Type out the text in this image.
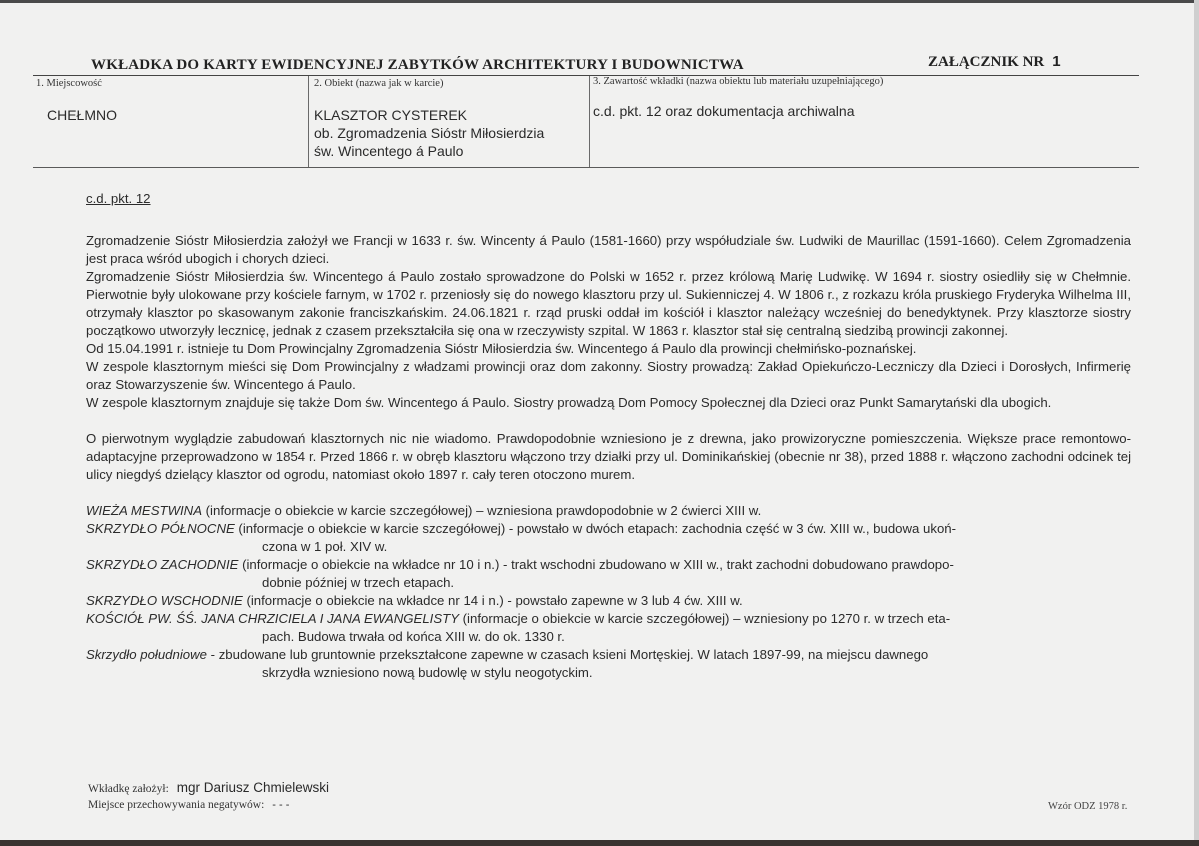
WKŁADKA DO KARTY EWIDENCYJNEJ ZABYTKÓW ARCHITEKTURY I BUDOWNICTWA	ZAŁĄCZNIK NR 1
1. Miejscowość
CHEŁMNO
2. Obiekt (nazwa jak w karcie)
KLASZTOR CYSTEREK
ob. Zgromadzenia Sióstr Miłosierdzia
św. Wincentego á Paulo
3. Zawartość wkładki (nazwa obiektu lub materiału uzupełniającego)
c.d. pkt. 12 oraz dokumentacja archiwalna

c.d. pkt. 12

Zgromadzenie Sióstr Miłosierdzia założył we Francji w 1633 r. św. Wincenty á Paulo (1581-1660) przy współudziale św. Ludwiki de Maurillac (1591-1660). Celem Zgromadzenia jest praca wśród ubogich i chorych dzieci.

Zgromadzenie Sióstr Miłosierdzia św. Wincentego á Paulo zostało sprowadzone do Polski w 1652 r. przez królową Marię Ludwikę. W 1694 r. siostry osiedliły się w Chełmnie. Pierwotnie były ulokowane przy kościele farnym, w 1702 r. przeniosły się do nowego klasztoru przy ul. Sukienniczej 4. W 1806 r., z rozkazu króla pruskiego Fryderyka Wilhelma III, otrzymały klasztor po skasowanym zakonie franciszkańskim. 24.06.1821 r. rząd pruski oddał im kościół i klasztor należący wcześniej do benedyktynek. Przy klasztorze siostry początkowo utworzyły lecznicę, jednak z czasem przekształciła się ona w rzeczywisty szpital. W 1863 r. klasztor stał się centralną siedzibą prowincji zakonnej.

Od 15.04.1991 r. istnieje tu Dom Prowincjalny Zgromadzenia Sióstr Miłosierdzia św. Wincentego á Paulo dla prowincji chełmińsko-poznańskej.

W zespole klasztornym mieści się Dom Prowincjalny z władzami prowincji oraz dom zakonny. Siostry prowadzą: Zakład Opiekuńczo-Leczniczy dla Dzieci i Dorosłych, Infirmerię oraz Stowarzyszenie św. Wincentego á Paulo.

W zespole klasztornym znajduje się także Dom św. Wincentego á Paulo. Siostry prowadzą Dom Pomocy Społecznej dla Dzieci oraz Punkt Samarytański dla ubogich.

O pierwotnym wyglądzie zabudowań klasztornych nic nie wiadomo. Prawdopodobnie wzniesiono je z drewna, jako prowizoryczne pomieszczenia. Większe prace remontowo-adaptacyjne przeprowadzono w 1854 r. Przed 1866 r. w obręb klasztoru włączono trzy działki przy ul. Dominikańskiej (obecnie nr 38), przed 1888 r. włączono zachodni odcinek tej ulicy niegdyś dzielący klasztor od ogrodu, natomiast około 1897 r. cały teren otoczono murem.

WIEŻA MESTWINA (informacje o obiekcie w karcie szczegółowej) – wzniesiona prawdopodobnie w 2 ćwierci XIII w.
SKRZYDŁO PÓŁNOCNE (informacje o obiekcie w karcie szczegółowej) - powstało w dwóch etapach: zachodnia część w 3 ćw. XIII w., budowa ukoń-
czona w 1 poł. XIV w.
SKRZYDŁO ZACHODNIE (informacje o obiekcie na wkładce nr 10 i n.) - trakt wschodni zbudowano w XIII w., trakt zachodni dobudowano prawdopo-
dobnie później w trzech etapach.
SKRZYDŁO WSCHODNIE (informacje o obiekcie na wkładce nr 14 i n.) - powstało zapewne w 3 lub 4 ćw. XIII w.
KOŚCIÓŁ PW. ŚŚ. JANA CHRZICIELA I JANA EWANGELISTY (informacje o obiekcie w karcie szczegółowej) – wzniesiony po 1270 r. w trzech eta-
pach. Budowa trwała od końca XIII w. do ok. 1330 r.
Skrzydło południowe - zbudowane lub gruntownie przekształcone zapewne w czasach ksieni Mortęskiej. W latach 1897-99, na miejscu dawnego
skrzydła wzniesiono nową budowlę w stylu neogotyckim.
Wkładkę założył: mgr Dariusz Chmielewski
Miejsce przechowywania negatywów: - - -	Wzór ODZ 1978 r.
